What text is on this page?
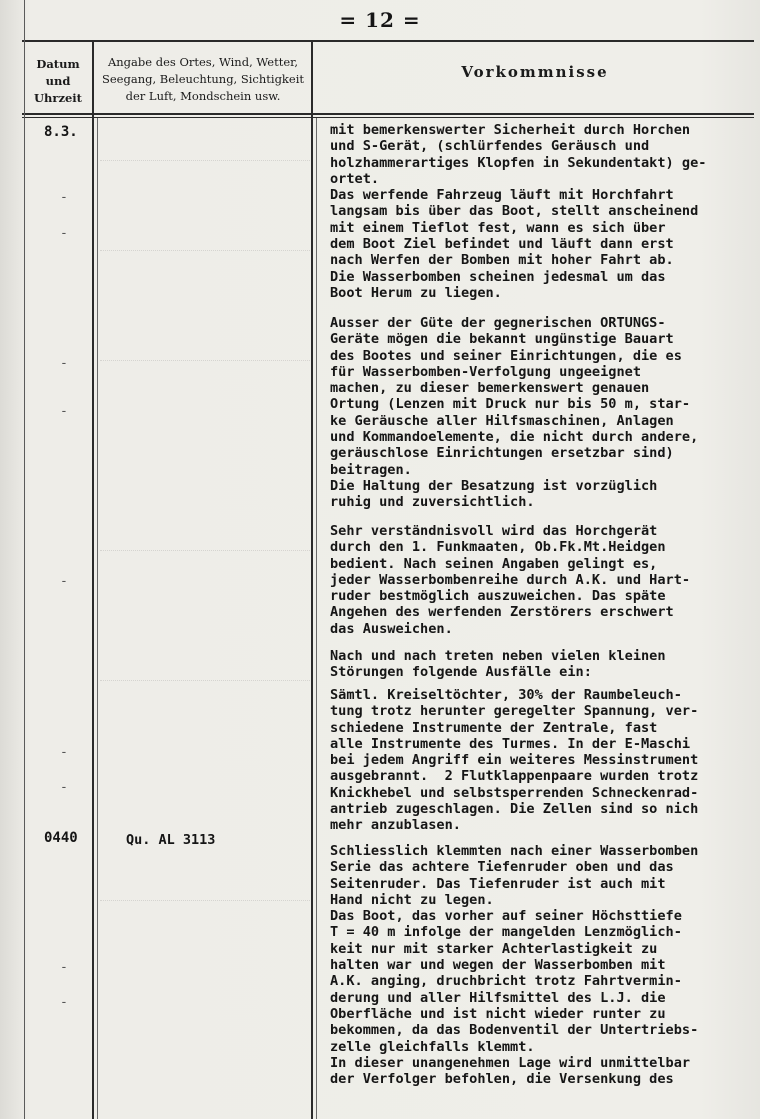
= 12 =
Datum
und
Uhrzeit
Angabe des Ortes, Wind, Wetter,
Seegang, Beleuchtung, Sichtigkeit
der Luft, Mondschein usw.
Vorkommnisse
8.3.
0440	Qu. AL 3113
-
-
-
-
-
-
-
-
-
mit bemerkenswerter Sicherheit durch Horchen
und S-Gerät, (schlürfendes Geräusch und
holzhammerartiges Klopfen in Sekundentakt) ge-
ortet.
Das werfende Fahrzeug läuft mit Horchfahrt
langsam bis über das Boot, stellt anscheinend
mit einem Tieflot fest, wann es sich über
dem Boot Ziel befindet und läuft dann erst
nach Werfen der Bomben mit hoher Fahrt ab.
Die Wasserbomben scheinen jedesmal um das
Boot Herum zu liegen.
Ausser der Güte der gegnerischen ORTUNGS-
Geräte mögen die bekannt ungünstige Bauart
des Bootes und seiner Einrichtungen, die es
für Wasserbomben-Verfolgung ungeeignet
machen, zu dieser bemerkenswert genauen
Ortung (Lenzen mit Druck nur bis 50 m, star-
ke Geräusche aller Hilfsmaschinen, Anlagen
und Kommandoelemente, die nicht durch andere,
geräuschlose Einrichtungen ersetzbar sind)
beitragen.
Die Haltung der Besatzung ist vorzüglich
ruhig und zuversichtlich.
Sehr verständnisvoll wird das Horchgerät
durch den 1. Funkmaaten, Ob.Fk.Mt.Heidgen
bedient. Nach seinen Angaben gelingt es,
jeder Wasserbombenreihe durch A.K. und Hart-
ruder bestmöglich auszuweichen. Das späte
Angehen des werfenden Zerstörers erschwert
das Ausweichen.
Nach und nach treten neben vielen kleinen
Störungen folgende Ausfälle ein:
Sämtl. Kreiseltöchter, 30% der Raumbeleuch-
tung trotz herunter geregelter Spannung, ver-
schiedene Instrumente der Zentrale, fast
alle Instrumente des Turmes. In der E-Maschi
bei jedem Angriff ein weiteres Messinstrument
ausgebrannt.  2 Flutklappenpaare wurden trotz
Knickhebel und selbstsperrenden Schneckenrad-
antrieb zugeschlagen. Die Zellen sind so nich
mehr anzublasen.
Schliesslich klemmten nach einer Wasserbomben
Serie das achtere Tiefenruder oben und das
Seitenruder. Das Tiefenruder ist auch mit
Hand nicht zu legen.
Das Boot, das vorher auf seiner Höchsttiefe
T = 40 m infolge der mangelden Lenzmöglich-
keit nur mit starker Achterlastigkeit zu
halten war und wegen der Wasserbomben mit
A.K. anging, druchbricht trotz Fahrtvermin-
derung und aller Hilfsmittel des L.J. die
Oberfläche und ist nicht wieder runter zu
bekommen, da das Bodenventil der Untertriebs-
zelle gleichfalls klemmt.
In dieser unangenehmen Lage wird unmittelbar
der Verfolger befohlen, die Versenkung des
